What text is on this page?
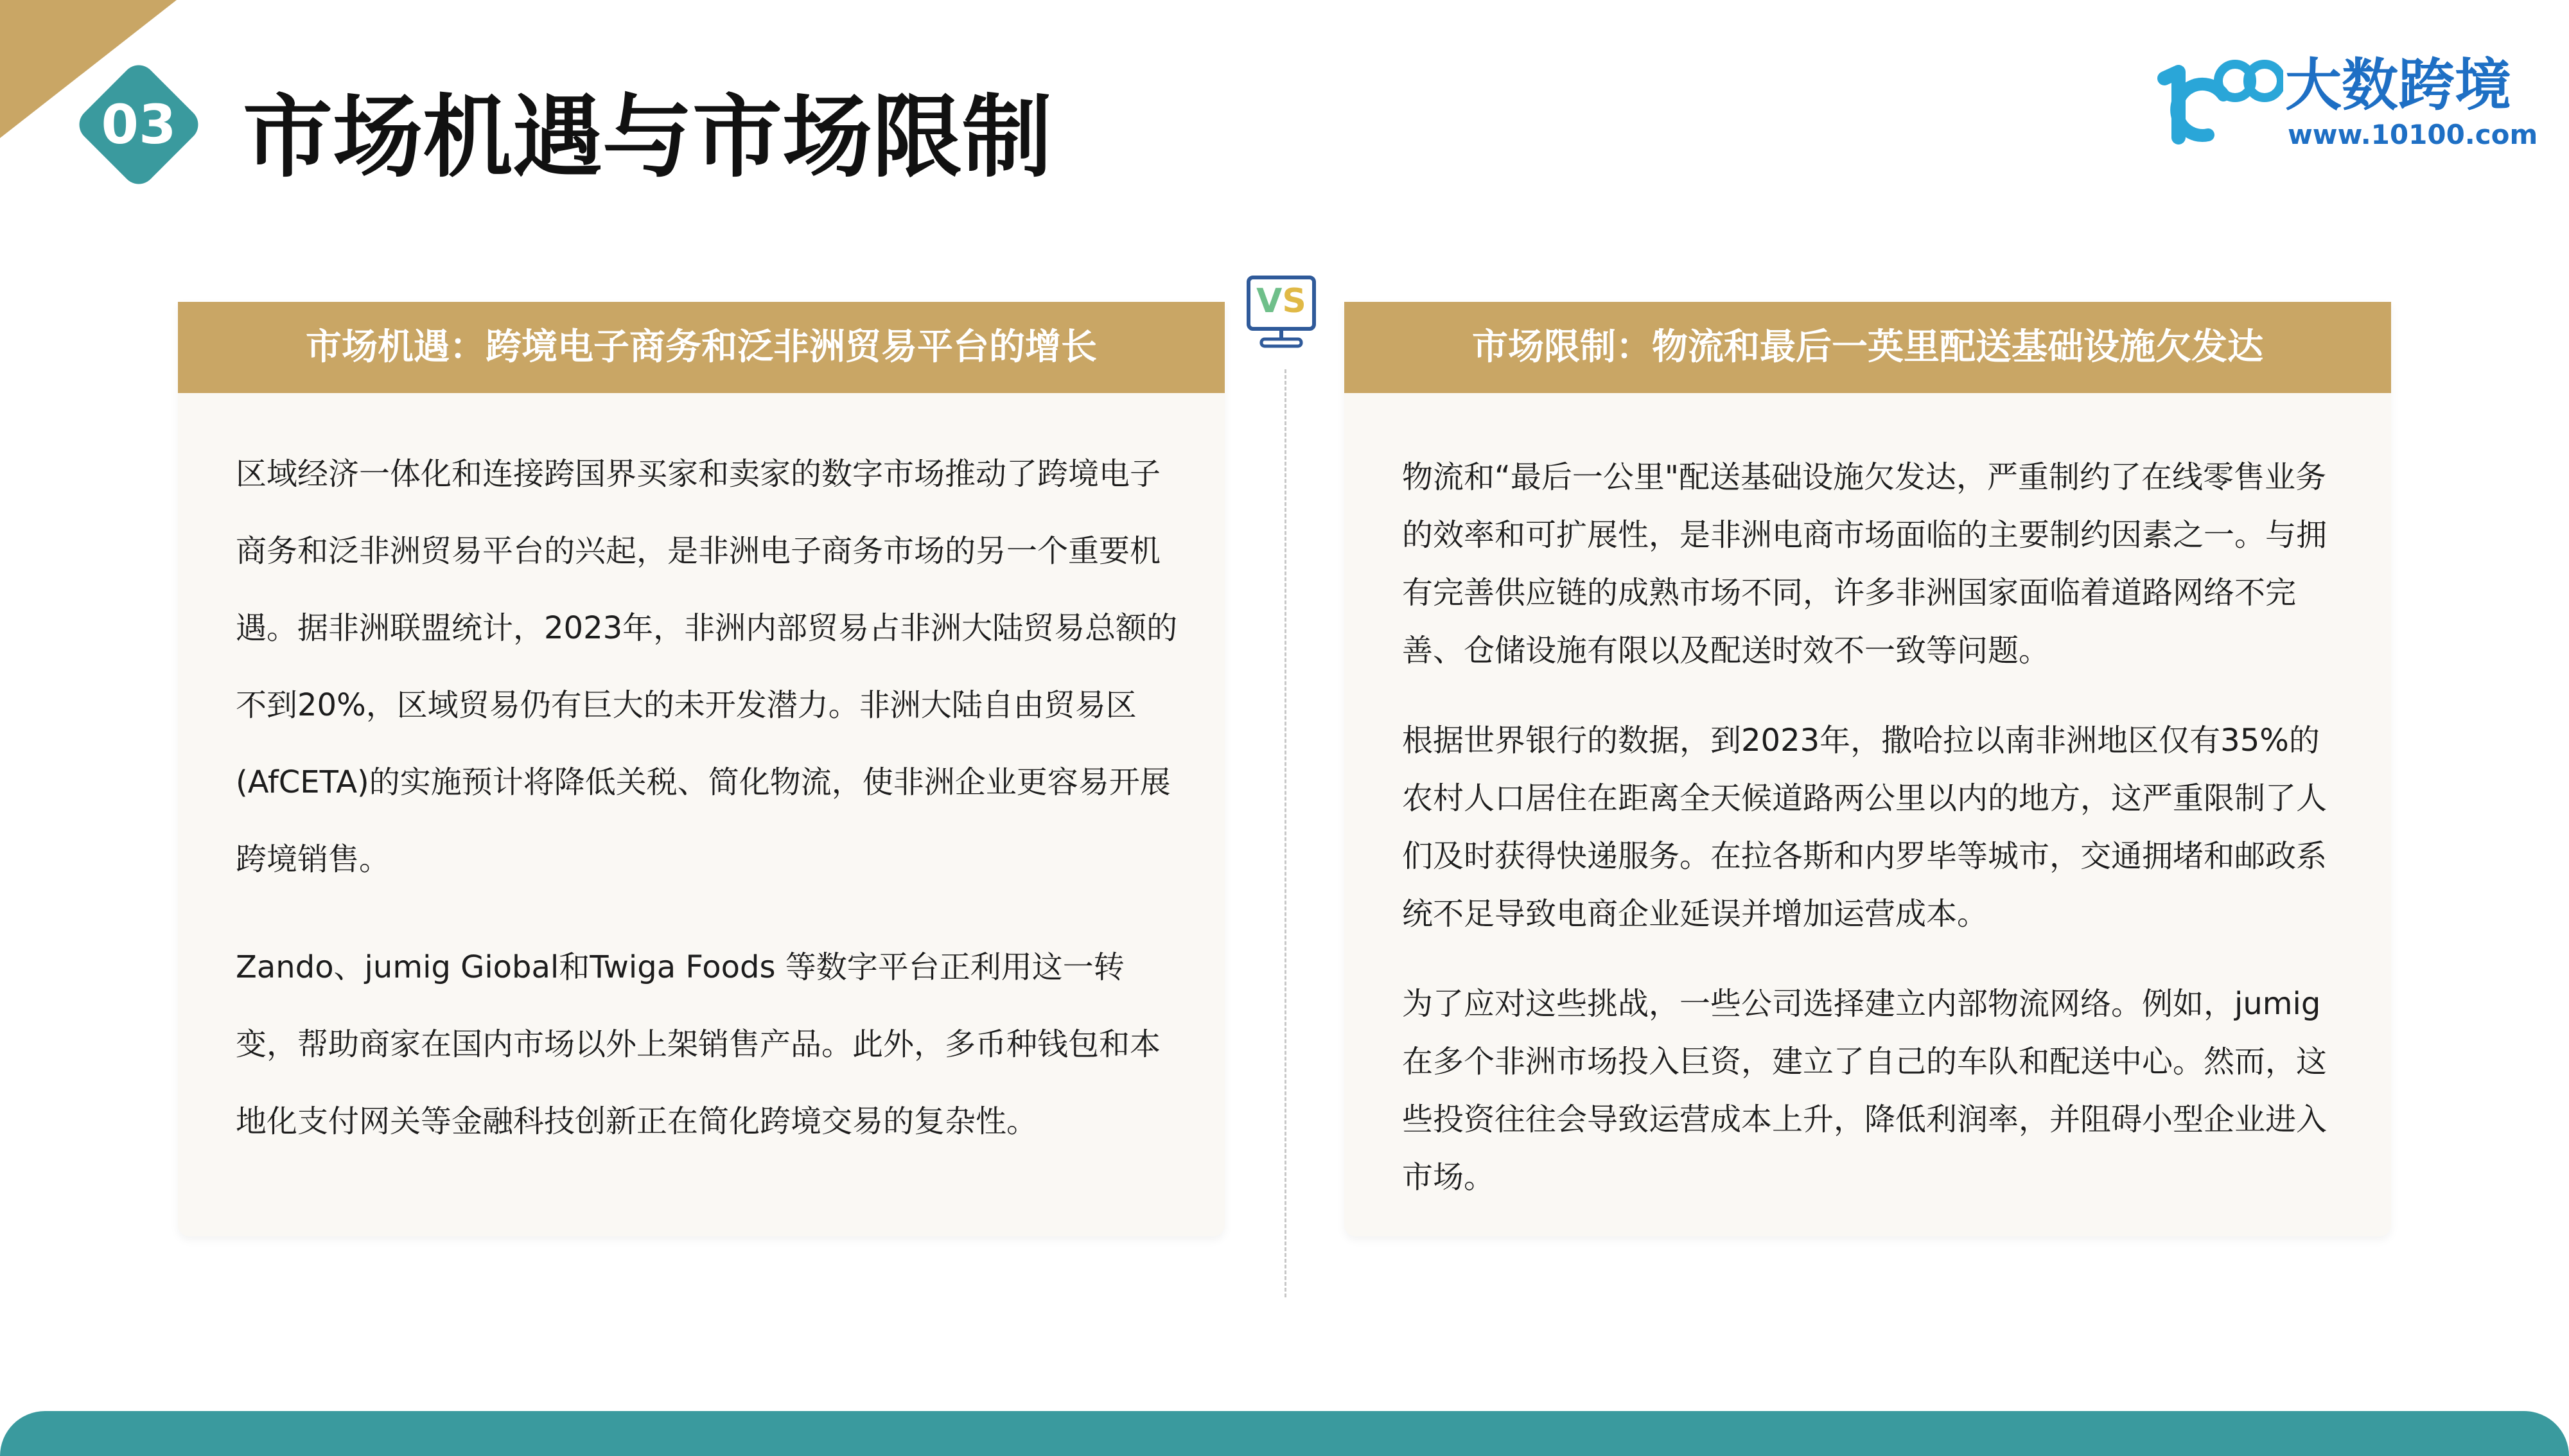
03 市场机遇与市场限制
大数跨境
www.10100.com
市场机遇：跨境电子商务和泛非洲贸易平台的增长

区域经济一体化和连接跨国界买家和卖家的数字市场推动了跨境电子商务和泛非洲贸易平台的兴起，是非洲电子商务市场的另一个重要机遇。据非洲联盟统计，2023年，非洲内部贸易占非洲大陆贸易总额的不到20%，区域贸易仍有巨大的未开发潜力。非洲大陆自由贸易区(AfCETA)的实施预计将降低关税、简化物流，使非洲企业更容易开展跨境销售。

Zando、jumig Giobal和Twiga Foods 等数字平台正利用这一转变，帮助商家在国内市场以外上架销售产品。此外，多币种钱包和本地化支付网关等金融科技创新正在简化跨境交易的复杂性。

VS
市场限制：物流和最后一英里配送基础设施欠发达

物流和“最后一公里"配送基础设施欠发达，严重制约了在线零售业务的效率和可扩展性，是非洲电商市场面临的主要制约因素之一。与拥有完善供应链的成熟市场不同，许多非洲国家面临着道路网络不完善、仓储设施有限以及配送时效不一致等问题。

根据世界银行的数据，到2023年，撒哈拉以南非洲地区仅有35%的农村人口居住在距离全天候道路两公里以内的地方，这严重限制了人们及时获得快递服务。在拉各斯和内罗毕等城市，交通拥堵和邮政系统不足导致电商企业延误并增加运营成本。

为了应对这些挑战，一些公司选择建立内部物流网络。例如，jumig在多个非洲市场投入巨资，建立了自己的车队和配送中心。然而，这些投资往往会导致运营成本上升，降低利润率，并阻碍小型企业进入市场。
